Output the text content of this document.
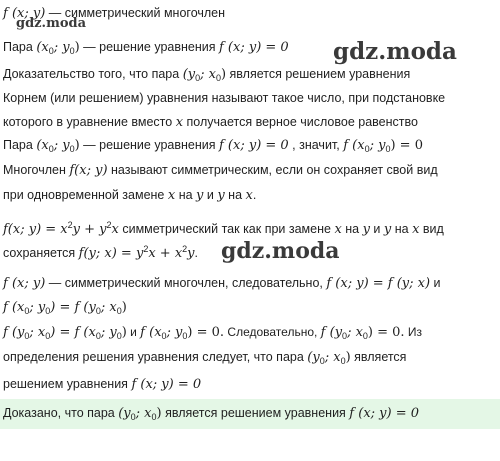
f (x; y) — симметрический многочлен
Пара ($x_0$; $y_0$) — решение уравнения f (x; y) = 0
Доказательство того, что пара ($y_0$; $x_0$) является решением уравнения
Корнем (или решением) уравнения называют такое число, при подстановке
которого в уравнение вместо x получается верное числовое равенство
Пара ($x_0$; $y_0$) — решение уравнения f (x; y) = 0 , значит, f ($x_0$; $y_0) = 0$
Многочлен f(x; y) называют симметрическим, если он сохраняет свой вид
при одновременной замене x на y и y на x.
f(x; $y) = x^2y + y^2x$ симметрический так как при замене x на y и y на x вид
сохраняется f(y; $x) = y^2x + x^2y$.
f (x; y) — симметрический многочлен, следовательно, f (x; y) = f (y; x) и
f ($x_0$; $y_0) = f$ ($y_0$; $x_0$)
f ($y_0$; $x_0) = f$ ($x_0$; $y_0$) и f ($x_0$; $y_0) = 0$. Следовательно, f ($y_0$; $x_0) = 0$. Из
определения решения уравнения следует, что пара ($y_0$; $x_0$) является
решением уравнения f (x; y) = 0
Доказано, что пара ($y_0$; $x_0$) является решением уравнения f (x; y) = 0
gdz.moda
gdz.moda
gdz.moda
